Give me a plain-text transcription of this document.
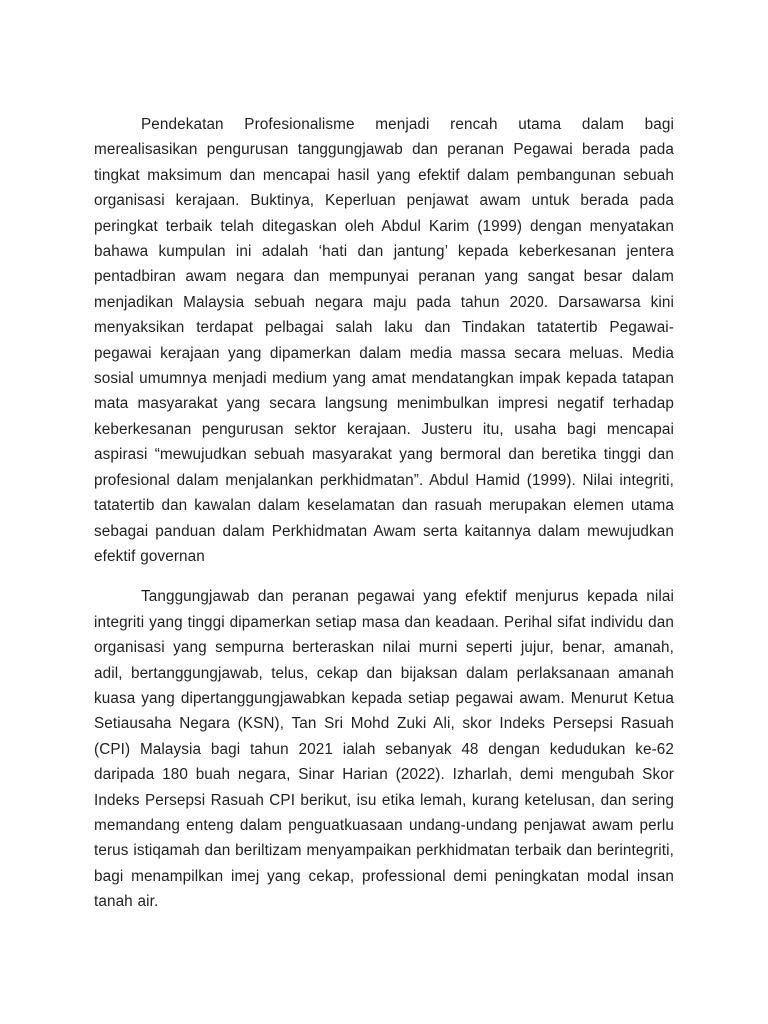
Pendekatan Profesionalisme menjadi rencah utama dalam bagi merealisasikan pengurusan tanggungjawab dan peranan Pegawai berada pada tingkat maksimum dan mencapai hasil yang efektif dalam pembangunan sebuah organisasi kerajaan. Buktinya, Keperluan penjawat awam untuk berada pada peringkat terbaik telah ditegaskan oleh Abdul Karim (1999) dengan menyatakan bahawa kumpulan ini adalah ‘hati dan jantung’ kepada keberkesanan jentera pentadbiran awam negara dan mempunyai peranan yang sangat besar dalam menjadikan Malaysia sebuah negara maju pada tahun 2020. Darsawarsa kini menyaksikan terdapat pelbagai salah laku dan Tindakan tatatertib Pegawai-pegawai kerajaan yang dipamerkan dalam media massa secara meluas. Media sosial umumnya menjadi medium yang amat mendatangkan impak kepada tatapan mata masyarakat yang secara langsung menimbulkan impresi negatif terhadap keberkesanan pengurusan sektor kerajaan. Justeru itu, usaha bagi mencapai aspirasi “mewujudkan sebuah masyarakat yang bermoral dan beretika tinggi dan profesional dalam menjalankan perkhidmatan”. Abdul Hamid (1999). Nilai integriti, tatatertib dan kawalan dalam keselamatan dan rasuah merupakan elemen utama sebagai panduan dalam Perkhidmatan Awam serta kaitannya dalam mewujudkan efektif governan

Tanggungjawab dan peranan pegawai yang efektif menjurus kepada nilai integriti yang tinggi dipamerkan setiap masa dan keadaan. Perihal sifat individu dan organisasi yang sempurna berteraskan nilai murni seperti jujur, benar, amanah, adil, bertanggungjawab, telus, cekap dan bijaksan dalam perlaksanaan amanah kuasa yang dipertanggungjawabkan kepada setiap pegawai awam. Menurut Ketua Setiausaha Negara (KSN), Tan Sri Mohd Zuki Ali, skor Indeks Persepsi Rasuah (CPI) Malaysia bagi tahun 2021 ialah sebanyak 48 dengan kedudukan ke-62 daripada 180 buah negara, Sinar Harian (2022). Izharlah, demi mengubah Skor Indeks Persepsi Rasuah CPI berikut, isu etika lemah, kurang ketelusan, dan sering memandang enteng dalam penguatkuasaan undang-undang penjawat awam perlu terus istiqamah dan beriltizam menyampaikan perkhidmatan terbaik dan berintegriti, bagi menampilkan imej yang cekap, professional demi peningkatan modal insan tanah air.
